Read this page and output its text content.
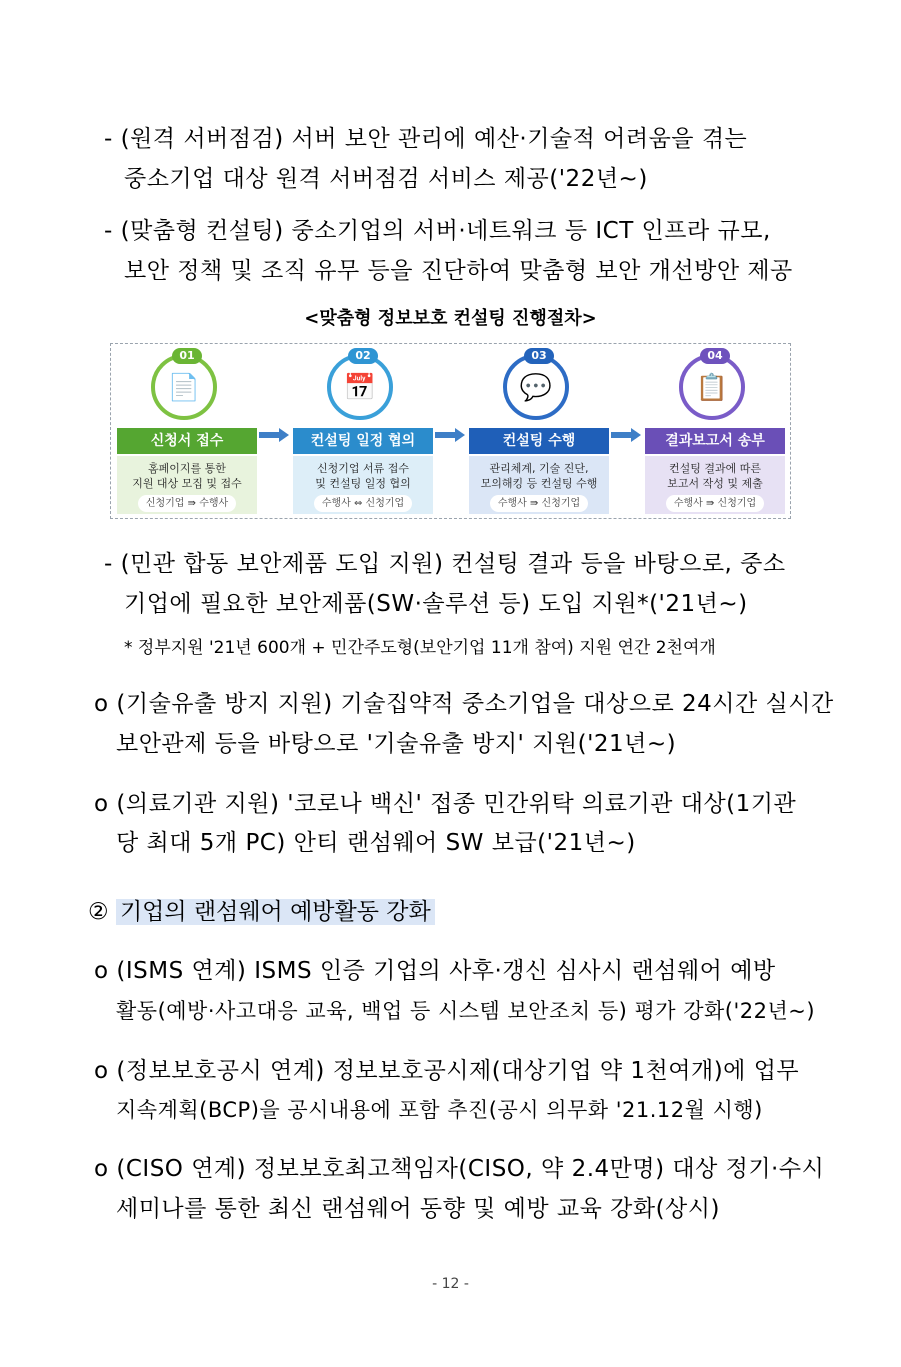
- (원격 서버점검) 서버 보안 관리에 예산·기술적 어려움을 겪는
중소기업 대상 원격 서버점검 서비스 제공('22년~)
- (맞춤형 컨설팅) 중소기업의 서버·네트워크 등 ICT 인프라 규모,
보안 정책 및 조직 유무 등을 진단하여 맞춤형 보안 개선방안 제공
<맞춤형 정보보호 컨설팅 진행절차>
01
📄
신청서 접수
홈페이지를 통한
지원 대상 모집 및 접수
신청기업 ⇛ 수행사
02
📅
컨설팅 일정 협의
신청기업 서류 접수
및 컨설팅 일정 협의
수행사 ⇔ 신청기업
03
💬
컨설팅 수행
관리체계, 기술 진단,
모의해킹 등 컨설팅 수행
수행사 ⇛ 신청기업
04
📋
결과보고서 송부
컨설팅 결과에 따른
보고서 작성 및 제출
수행사 ⇛ 신청기업
- (민관 합동 보안제품 도입 지원) 컨설팅 결과 등을 바탕으로, 중소
기업에 필요한 보안제품(SW·솔루션 등) 도입 지원*('21년~)
* 정부지원 '21년 600개 + 민간주도형(보안기업 11개 참여) 지원 연간 2천여개
o (기술유출 방지 지원) 기술집약적 중소기업을 대상으로 24시간 실시간
보안관제 등을 바탕으로 '기술유출 방지' 지원('21년~)
o (의료기관 지원) '코로나 백신' 접종 민간위탁 의료기관 대상(1기관
당 최대 5개 PC) 안티 랜섬웨어 SW 보급('21년~)
② 기업의 랜섬웨어 예방활동 강화
o (ISMS 연계) ISMS 인증 기업의 사후·갱신 심사시 랜섬웨어 예방
활동(예방·사고대응 교육, 백업 등 시스템 보안조치 등) 평가 강화('22년~)
o (정보보호공시 연계) 정보보호공시제(대상기업 약 1천여개)에 업무
지속계획(BCP)을 공시내용에 포함 추진(공시 의무화 '21.12월 시행)
o (CISO 연계) 정보보호최고책임자(CISO, 약 2.4만명) 대상 정기·수시
세미나를 통한 최신 랜섬웨어 동향 및 예방 교육 강화(상시)
- 12 -
